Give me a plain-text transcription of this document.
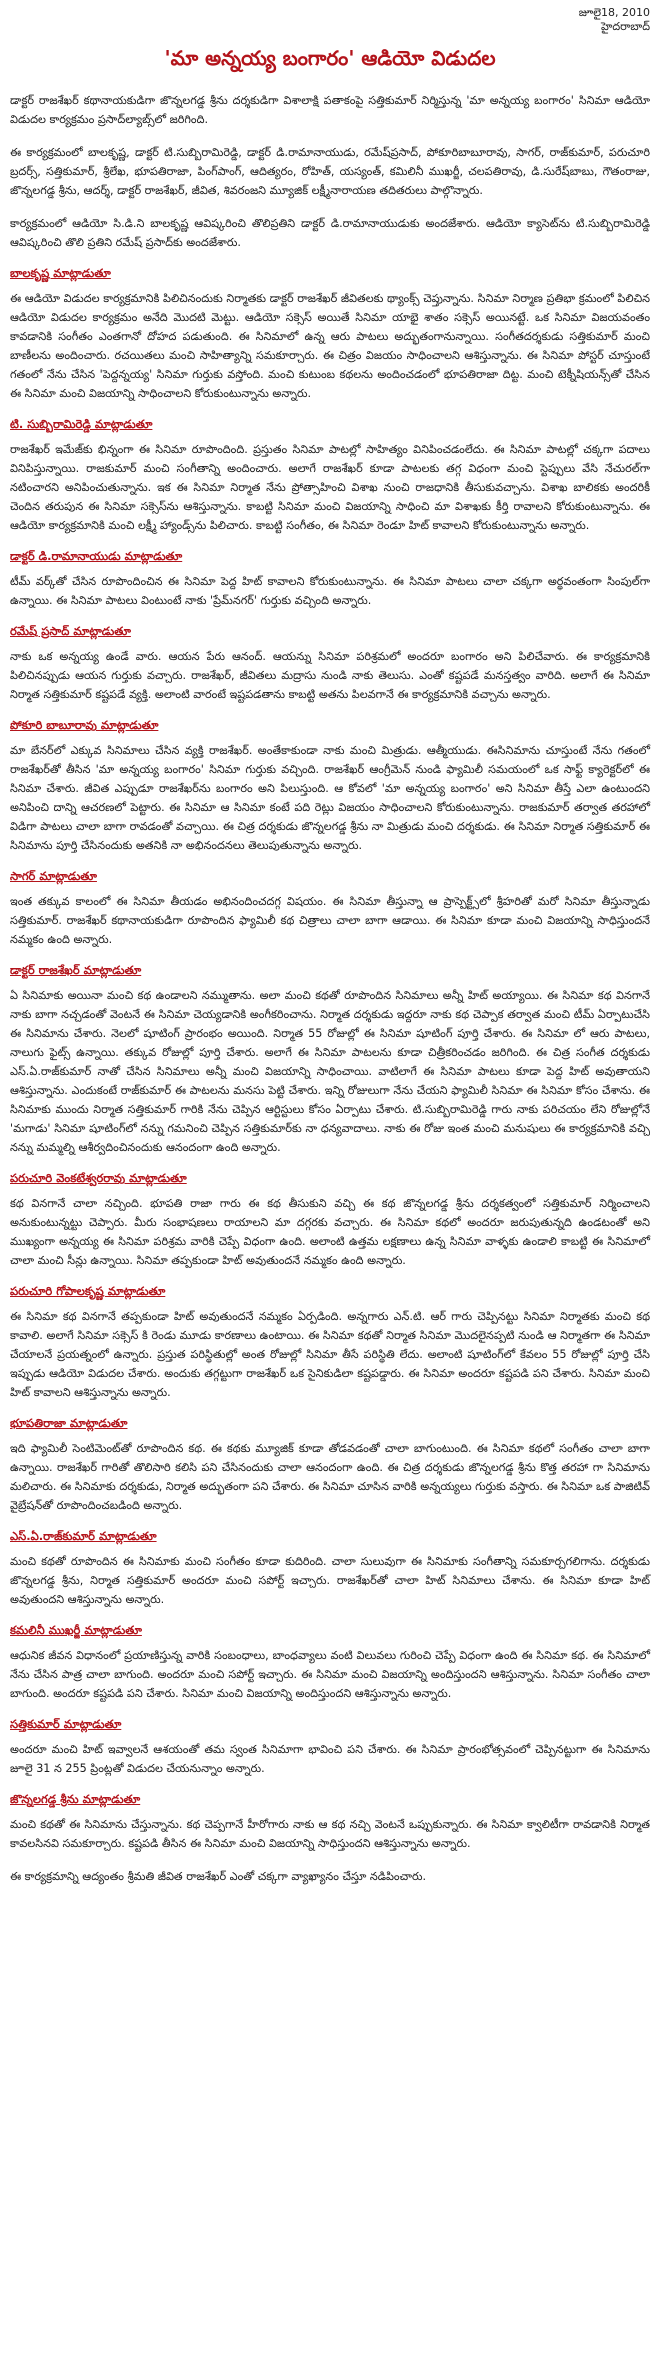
జూలై18, 2010
హైదరాబాద్
'మా అన్నయ్య బంగారం' ఆడియో విడుదల

డాక్టర్ రాజశేఖర్ కథానాయకుడిగా జొన్నలగడ్డ శ్రీను దర్శకుడిగా విశాలాక్షి పతాకంపై సత్తికుమార్ నిర్మిస్తున్న 'మా అన్నయ్య బంగారం' సినిమా ఆడియో విడుదల కార్యక్రమం ప్రసాద్‌ల్యాబ్స్‌లో జరిగింది.

ఈ కార్యక్రమంలో బాలకృష్ణ, డాక్టర్ టి.సుబ్బిరామిరెడ్డి, డాక్టర్ డి.రామానాయుడు, రమేష్‌ప్రసాద్, పోకూరిబాబూరావు, సాగర్, రాజ్‌కుమార్, పరుచూరి బ్రదర్స్, సత్తికుమార్, శ్రీలేఖ, భూపతిరాజా, పింగ్‌పాంగ్, ఆదిత్యరం, రోహిత్, యస్యంత్, కమిలినీ ముఖర్జీ, చలపతిరావు, డి.సురేష్‌బాబు, గౌతంరాజు, జొన్నలగడ్డ శ్రీను, ఆదర్శ్, డాక్టర్ రాజశేఖర్, జీవిత, శివరంజని మ్యూజిక్ లక్ష్మీనారాయణ తదితరులు పాల్గొన్నారు.

కార్యక్రమంలో ఆడియో సి.డి.ని బాలకృష్ణ ఆవిష్కరించి తొలిప్రతిని డాక్టర్ డి.రామానాయుడుకు అందజేశారు. ఆడియో క్యాసెట్‌ను టి.సుబ్బిరామిరెడ్డి ఆవిష్కరించి తొలి ప్రతిని రమేష్ ప్రసాద్‌కు అందజేశారు.

బాలకృష్ణ మాట్లాడుతూ

ఈ ఆడియో విడుదల కార్యక్రమానికి పిలిచినందుకు నిర్మాతకు డాక్టర్ రాజశేఖర్ జీవితలకు థ్యాంక్స్ చెప్తున్నాను. సినిమా నిర్మాణ ప్రతిభా క్రమంలో పిలిచిన ఆడియో విడుదల కార్యక్రమం అనేది మొదటి మెట్టు. ఆడియో సక్సెస్ అయితే సినిమా యాభై శాతం సక్సెస్ అయినట్టే. ఒక సినిమా విజయవంతం కావడానికి సంగీతం ఎంతగానో దోహద పడుతుంది. ఈ సినిమాలో ఉన్న ఆరు పాటలు అద్భుతంగానున్నాయి. సంగీతదర్శకుడు సత్తికుమార్ మంచి బాణీలను అందించారు. రచయితలు మంచి సాహిత్యాన్ని సమకూర్చారు. ఈ చిత్రం విజయం సాధించాలని ఆశిస్తున్నాను. ఈ సినిమా పోస్టర్ చూస్తుంటే గతంలో నేను చేసిన 'పెద్దన్నయ్య' సినిమా గుర్తుకు వస్తోంది. మంచి కుటుంబ కథలను అందించడంలో భూపతిరాజా దిట్ట. మంచి టెక్నీషియన్స్‌తో చేసిన ఈ సినిమా మంచి విజయాన్ని సాధించాలని కోరుకుంటున్నాను అన్నారు.

టి. సుబ్బిరామిరెడ్డి మాట్లాడుతూ

రాజశేఖర్ ఇమేజ్‌కు భిన్నంగా ఈ సినిమా రూపొందింది. ప్రస్తుతం సినిమా పాటల్లో సాహిత్యం వినిపించడంలేదు. ఈ సినిమా పాటల్లో చక్కగా పదాలు వినిపిస్తున్నాయి. రాజకుమార్ మంచి సంగీతాన్ని అందించారు. అలాగే రాజశేఖర్ కూడా పాటలకు తగ్గ విధంగా మంచి స్టెప్పులు వేసి నేచురల్‌గా నటించారని అనిపించుతున్నాను. ఇక ఈ సినిమా నిర్మాత నేను ప్రోత్సాహించి విశాఖ నుంచి రాజధానికి తీసుకువచ్చాను. విశాఖ బాలికకు అందరికీ చెందిన తరుపున ఈ సినిమా సక్సెస్‌ను ఆశిస్తున్నాను. కాబట్టి సినిమా మంచి విజయాన్ని సాధించి మా విశాఖకు కీర్తి రావాలని కోరుకుంటున్నాను. ఈ ఆడియో కార్యక్రమానికి మంచి లక్ష్మీ హ్యాండ్స్‌ను పిలిచారు. కాబట్టి సంగీతం, ఈ సినిమా రెండూ హిట్ కావాలని కోరుకుంటున్నాను అన్నారు.

డాక్టర్ డి.రామానాయుడు మాట్లాడుతూ

టీమ్ వర్క్‌తో చేసిన రూపొందించిన ఈ సినిమా పెద్ద హిట్ కావాలని కోరుకుంటున్నాను. ఈ సినిమా పాటలు చాలా చక్కగా అర్థవంతంగా సింపుల్‌గా ఉన్నాయి. ఈ సినిమా పాటలు వింటుంటే నాకు 'ప్రేమ్‌నగర్' గుర్తుకు వచ్చింది అన్నారు.

రమేష్ ప్రసాద్ మాట్లాడుతూ

నాకు ఒక అన్నయ్య ఉండే వారు. ఆయన పేరు ఆనంద్. ఆయన్ను సినిమా పరిశ్రమలో అందరూ బంగారం అని పిలిచేవారు. ఈ కార్యక్రమానికి పిలిచినప్పుడు ఆయన గుర్తుకు వచ్చారు. రాజశేఖర్, జీవితలు మద్రాసు నుండి నాకు తెలుసు. ఎంతో కష్టపడే మనస్తత్వం వారిది. అలాగే ఈ సినిమా నిర్మాత సత్తికుమార్ కష్టపడే వ్యక్తి. అలాంటి వారంటే ఇష్టపడతాను కాబట్టి అతను పిలవగానే ఈ కార్యక్రమానికి వచ్చాను అన్నారు.

పోకూరి బాబూరావు మాట్లాడుతూ

మా బేనర్‌లో ఎక్కువ సినిమాలు చేసిన వ్యక్తి రాజశేఖర్. అంతేకాకుండా నాకు మంచి మిత్రుడు. ఆత్మీయుడు. ఈసినిమాను చూస్తుంటే నేను గతంలో రాజశేఖర్‌తో తీసిన 'మా అన్నయ్య బంగారం' సినిమా గుర్తుకు వచ్చింది. రాజశేఖర్ ఆంగ్రీమెన్ నుండి ఫ్యామిలీ సమయంలో ఒక సాఫ్ట్ క్యారెక్టర్‌లో ఈ సినిమా చేశారు. జీవిత ఎప్పుడూ రాజశేఖర్‌ను బంగారం అని పిలుస్తుంది. ఆ కోవలో 'మా అన్నయ్య బంగారం' అని సినిమా తీస్తే ఎలా ఉంటుందని అనిపించి దాన్ని ఆచరణలో పెట్టారు. ఈ సినిమా ఆ సినిమా కంటే పది రెట్లు విజయం సాధించాలని కోరుకుంటున్నాను. రాజకుమార్ తర్వాత తరహాలో విడిగా పాటలు చాలా బాగా రావడంతో వచ్చాయి. ఈ చిత్ర దర్శకుడు జొన్నలగడ్డ శ్రీను నా మిత్రుడు మంచి దర్శకుడు. ఈ సినిమా నిర్మాత సత్తికుమార్ ఈ సినిమాను పూర్తి చేసినందుకు అతనికి నా అభినందనలు తెలుపుతున్నాను అన్నారు.

సాగర్ మాట్లాడుతూ

ఇంత తక్కువ కాలంలో ఈ సినిమా తీయడం అభినందించదగ్గ విషయం. ఈ సినిమా తీస్తున్నా ఆ ప్రాస్పెక్ట్స్‌లో శ్రీహరితో మరో సినిమా తీస్తున్నాడు సత్తికుమార్. రాజశేఖర్ కథానాయకుడిగా రూపొందిన ఫ్యామిలీ కథ చిత్రాలు చాలా బాగా ఆడాయి. ఈ సినిమా కూడా మంచి విజయాన్ని సాధిస్తుందనే నమ్మకం ఉంది అన్నారు.

డాక్టర్ రాజశేఖర్ మాట్లాడుతూ

ఏ సినిమాకు అయినా మంచి కథ ఉండాలని నమ్ముతాను. అలా మంచి కథతో రూపొందిన సినిమాలు అన్నీ హిట్ అయ్యాయి. ఈ సినిమా కథ వినగానే నాకు బాగా నచ్చడంతో వెంటనే ఈ సినిమా చెయ్యడానికి అంగీకరించాను. నిర్మాత దర్శకుడు ఇద్దరూ నాకు కథ చెప్పాక తర్వాత మంచి టీమ్ ఏర్పాటుచేసి ఈ సినిమాను చేశారు. నెలలో షూటింగ్ ప్రారంభం అయింది. నిర్మాత 55 రోజుల్లో ఈ సినిమా షూటింగ్ పూర్తి చేశారు. ఈ సినిమా లో ఆరు పాటలు, నాలుగు ఫైట్స్ ఉన్నాయి. తక్కువ రోజుల్లో పూర్తి చేశారు. అలాగే ఈ సినిమా పాటలను కూడా చిత్రీకరించడం జరిగింది. ఈ చిత్ర సంగీత దర్శకుడు ఎస్.ఏ.రాజ్‌కుమార్ నాతో చేసిన సినిమాలు అన్నీ మంచి విజయాన్ని సాధించాయి. వాటిలాగే ఈ సినిమా పాటలు కూడా పెద్ద హిట్ అవుతాయని ఆశిస్తున్నాను. ఎందుకంటే రాజ్‌కుమార్ ఈ పాటలను మనసు పెట్టి చేశారు. ఇన్ని రోజులుగా నేను చేయని ఫ్యామిలీ సినిమా ఈ సినిమా కోసం చేశాను. ఈ సినిమాకు ముందు నిర్మాత సత్తికుమార్ గారికి నేను చెప్పిన ఆర్టిస్టులు కోసం ఏర్పాటు చేశారు. టి.సుబ్బిరామిరెడ్డి గారు నాకు పరిచయం లేని రోజుల్లోనే 'మగాడు' సినిమా షూటింగ్‌లో నన్ను గమనించి చెప్పిన సత్తికుమార్‌కు నా ధన్యవాదాలు. నాకు ఈ రోజు ఇంత మంచి మనుషులు ఈ కార్యక్రమానికి వచ్చి నన్ను మమ్మల్ని ఆశీర్వదించినందుకు ఆనందంగా ఉంది అన్నారు.

పరుచూరి వెంకటేశ్వరరావు మాట్లాడుతూ

కథ వినగానే చాలా నచ్చింది. భూపతి రాజా గారు ఈ కథ తీసుకుని వచ్చి ఈ కథ జొన్నలగడ్డ శ్రీను దర్శకత్వంలో సత్తికుమార్ నిర్మించాలని అనుకుంటున్నట్టు చెప్పారు. మీరు సంభాషణలు రాయాలని మా దగ్గరకు వచ్చారు. ఈ సినిమా కథలో అందరూ జరుపుతున్నది ఉండటంతో అని ముఖ్యంగా అన్నయ్య ఈ సినిమా పరిశ్రమ వారికి చెప్పే విధంగా ఉంది. అలాంటి ఉత్తమ లక్షణాలు ఉన్న సినిమా వాళ్ళకు ఉండాలి కాబట్టి ఈ సినిమాలో చాలా మంచి సీన్లు ఉన్నాయి. సినిమా తప్పకుండా హిట్ అవుతుందనే నమ్మకం ఉంది అన్నారు.

పరుచూరి గోపాలకృష్ణ మాట్లాడుతూ

ఈ సినిమా కథ వినగానే తప్పకుండా హిట్ అవుతుందనే నమ్మకం ఏర్పడింది. అన్నగారు ఎన్.టి. ఆర్ గారు చెప్పినట్టు సినిమా నిర్మాతకు మంచి కథ కావాలి. అలాగే సినిమా సక్సెస్ కి రెండు మూడు కారణాలు ఉంటాయి. ఈ సినిమా కథతో నిర్మాత సినిమా మొదలైనప్పటి నుండి ఆ నిర్మాతగా ఈ సినిమా చేయాలనే ప్రయత్నంలో ఉన్నారు. ప్రస్తుత పరిస్థితుల్లో అంత రోజుల్లో సినిమా తీసే పరిస్థితి లేదు. అలాంటి షూటింగ్‌లో కేవలం 55 రోజుల్లో పూర్తి చేసి ఇప్పుడు ఆడియో విడుదల చేశారు. అందుకు తగ్గట్టుగా రాజశేఖర్ ఒక సైనికుడిలా కష్టపడ్డారు. ఈ సినిమా అందరూ కష్టపడి పని చేశారు. సినిమా మంచి హిట్ కావాలని ఆశిస్తున్నాను అన్నారు.

భూపతిరాజా మాట్లాడుతూ

ఇది ఫ్యామిలీ సెంటిమెంట్‌తో రూపొందిన కథ. ఈ కథకు మ్యూజిక్ కూడా తోడవడంతో చాలా బాగుంటుంది. ఈ సినిమా కథలో సంగీతం చాలా బాగా ఉన్నాయి. రాజశేఖర్ గారితో తొలిసారి కలిసి పని చేసినందుకు చాలా ఆనందంగా ఉంది. ఈ చిత్ర దర్శకుడు జొన్నలగడ్డ శ్రీను కొత్త తరహా గా సినిమాను మలిచారు. ఈ సినిమాకు దర్శకుడు, నిర్మాత అద్భుతంగా పని చేశారు. ఈ సినిమా చూసిన వారికి అన్నయ్యలు గుర్తుకు వస్తారు. ఈ సినిమా ఒక పాజిటివ్ వైబ్రేషన్‌తో రూపొందించబడింది అన్నారు.

ఎస్.ఏ.రాజ్‌కుమార్ మాట్లాడుతూ

మంచి కథతో రూపొందిన ఈ సినిమాకు మంచి సంగీతం కూడా కుదిరింది. చాలా సులువుగా ఈ సినిమాకు సంగీతాన్ని సమకూర్చగలిగాను. దర్శకుడు జొన్నలగడ్డ శ్రీను, నిర్మాత సత్తికుమార్ అందరూ మంచి సపోర్ట్ ఇచ్చారు. రాజశేఖర్‌తో చాలా హిట్ సినిమాలు చేశాను. ఈ సినిమా కూడా హిట్ అవుతుందని ఆశిస్తున్నాను అన్నారు.

కమలినీ ముఖర్జీ మాట్లాడుతూ

ఆధునిక జీవన విధానంలో ప్రయాణిస్తున్న వారికి సంబంధాలు, బాంధవ్యాలు వంటి విలువలు గురించి చెప్పే విధంగా ఉంది ఈ సినిమా కథ. ఈ సినిమాలో నేను చేసిన పాత్ర చాలా బాగుంది. అందరూ మంచి సపోర్ట్ ఇచ్చారు. ఈ సినిమా మంచి విజయాన్ని అందిస్తుందని ఆశిస్తున్నాను. సినిమా సంగీతం చాలా బాగుంది. అందరూ కష్టపడి పని చేశారు. సినిమా మంచి విజయాన్ని అందిస్తుందని ఆశిస్తున్నాను అన్నారు.

సత్తికుమార్ మాట్లాడుతూ

అందరూ మంచి హిట్ ఇవ్వాలనే ఆశయంతో తమ స్వంత సినిమాగా భావించి పని చేశారు. ఈ సినిమా ప్రారంభోత్సవంలో చెప్పినట్టుగా ఈ సినిమాను జూలై 31 న 255 ప్రింట్లతో విడుదల చేయనున్నాం అన్నారు.

జొన్నలగడ్డ శ్రీను మాట్లాడుతూ

మంచి కథతో ఈ సినిమాను చేస్తున్నాను. కథ చెప్పగానే హీరోగారు నాకు ఆ కథ నచ్చి వెంటనే ఒప్పుకున్నారు. ఈ సినిమా క్వాలిటీగా రావడానికి నిర్మాత కావలసినవి సమకూర్చారు. కష్టపడి తీసిన ఈ సినిమా మంచి విజయాన్ని సాధిస్తుందని ఆశిస్తున్నాను అన్నారు.

ఈ కార్యక్రమాన్ని ఆద్యంతం శ్రీమతి జీవిత రాజశేఖర్ ఎంతో చక్కగా వ్యాఖ్యానం చేస్తూ నడిపించారు.
